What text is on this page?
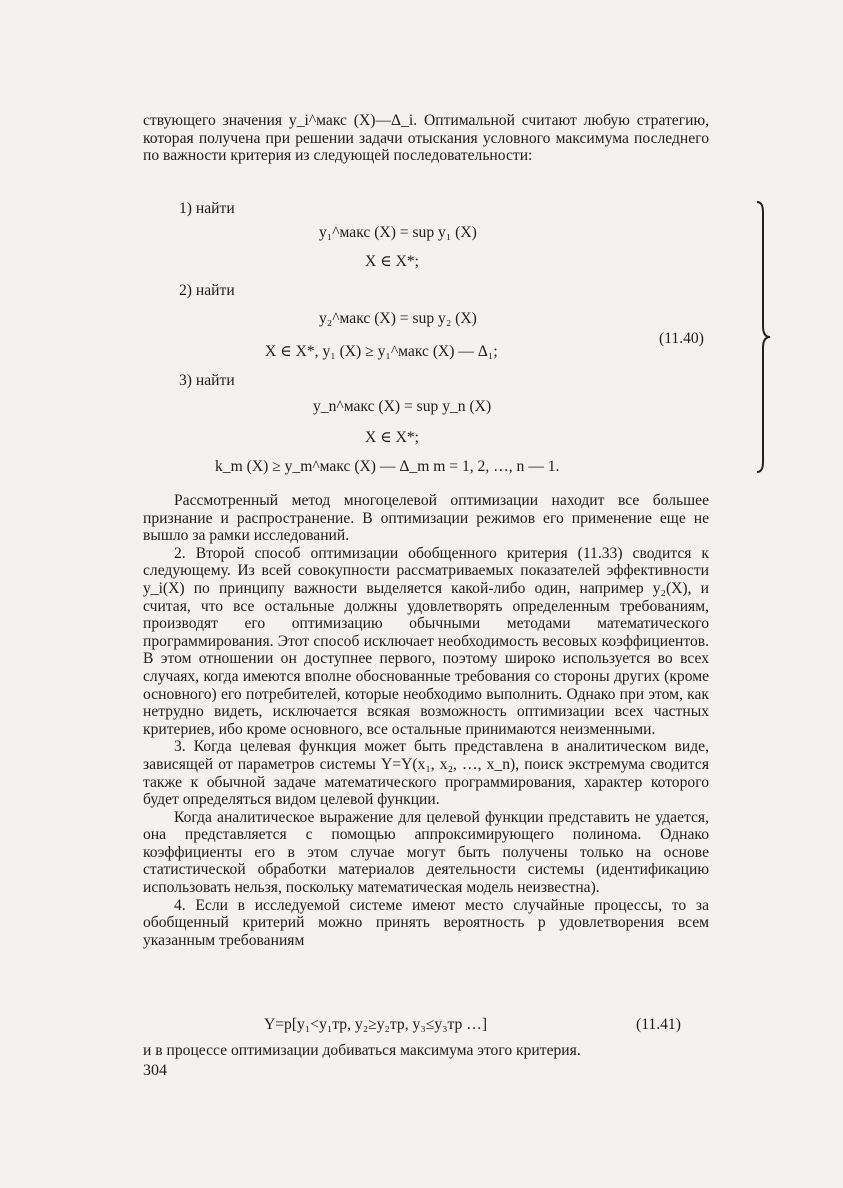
ствующего значения y_i^макс (X)—Δ_i. Оптимальной считают любую стратегию, которая получена при решении задачи отыскания условного максимума последнего по важности критерия из следующей последовательности:

1) найти
y₁^макс (X) = sup y₁ (X)
X ∈ X*;
2) найти
y₂^макс (X) = sup y₂ (X)
X ∈ X*, y₁ (X) ≥ y₁^макс (X) — Δ₁;
3) найти
y_n^макс (X) = sup y_n (X)
X ∈ X*;
k_m (X) ≥ y_m^макс (X) — Δ_m m = 1, 2, …, n — 1.
(11.40)

Рассмотренный метод многоцелевой оптимизации находит все большее признание и распространение. В оптимизации режимов его применение еще не вышло за рамки исследований.

2. Второй способ оптимизации обобщенного критерия (11.33) сводится к следующему. Из всей совокупности рассматриваемых показателей эффективности y_i(X) по принципу важности выделяется какой-либо один, например y₂(X), и считая, что все остальные должны удовлетворять определенным требованиям, производят его оптимизацию обычными методами математического программирования. Этот способ исключает необходимость весовых коэффициентов. В этом отношении он доступнее первого, поэтому широко используется во всех случаях, когда имеются вполне обоснованные требования со стороны других (кроме основного) его потребителей, которые необходимо выполнить. Однако при этом, как нетрудно видеть, исключается всякая возможность оптимизации всех частных критериев, ибо кроме основного, все остальные принимаются неизменными.

3. Когда целевая функция может быть представлена в аналитическом виде, зависящей от параметров системы Y=Y(x₁, x₂, …, x_n), поиск экстремума сводится также к обычной задаче математического программирования, характер которого будет определяться видом целевой функции.

Когда аналитическое выражение для целевой функции представить не удается, она представляется с помощью аппроксимирующего полинома. Однако коэффициенты его в этом случае могут быть получены только на основе статистической обработки материалов деятельности системы (идентификацию использовать нельзя, поскольку математическая модель неизвестна).

4. Если в исследуемой системе имеют место случайные процессы, то за обобщенный критерий можно принять вероятность p удовлетворения всем указанным требованиям

Y=p[y₁<y₁тр, y₂≥y₂тр, y₃≤y₃тр …]	(11.41)

и в процессе оптимизации добиваться максимума этого критерия.

304
